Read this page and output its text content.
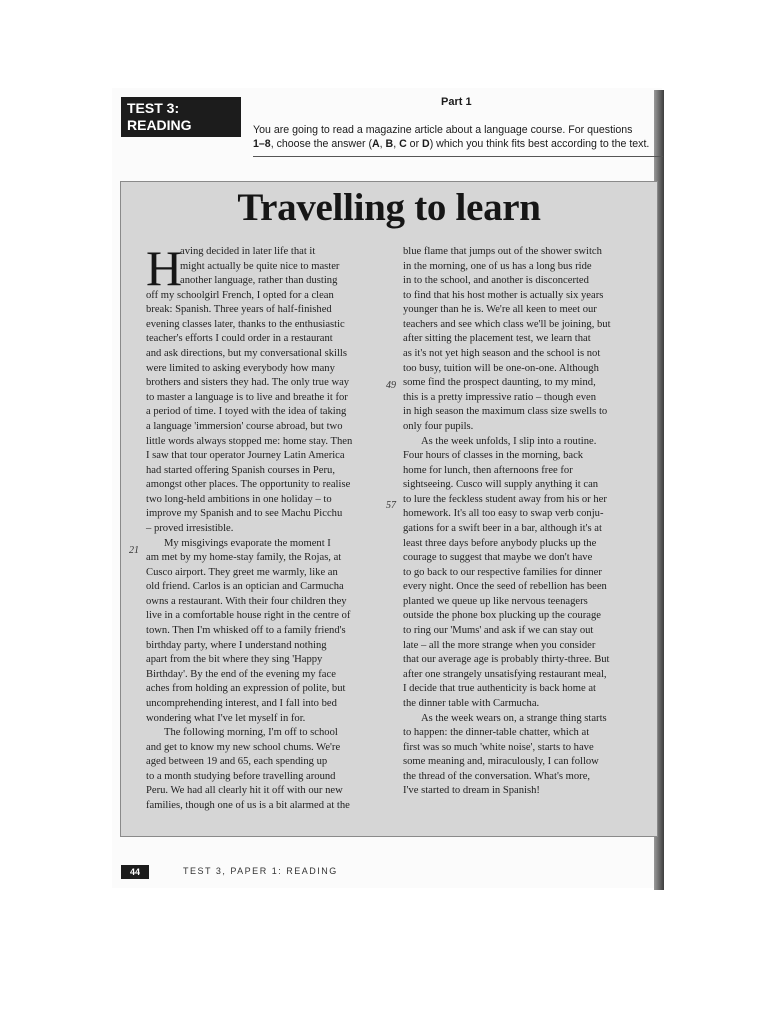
TEST 3:
READING
Part 1
You are going to read a magazine article about a language course. For questions
1–8, choose the answer (A, B, C or D) which you think fits best according to the text.
Travelling to learn
H
aving decided in later life that it
might actually be quite nice to master
another language, rather than dusting
off my schoolgirl French, I opted for a clean
break: Spanish. Three years of half-finished
evening classes later, thanks to the enthusiastic
teacher's efforts I could order in a restaurant
and ask directions, but my conversational skills
were limited to asking everybody how many
brothers and sisters they had. The only true way
to master a language is to live and breathe it for
a period of time. I toyed with the idea of taking
a language 'immersion' course abroad, but two
little words always stopped me: home stay. Then
I saw that tour operator Journey Latin America
had started offering Spanish courses in Peru,
amongst other places. The opportunity to realise
two long-held ambitions in one holiday – to
improve my Spanish and to see Machu Picchu
– proved irresistible.
My misgivings evaporate the moment I
am met by my home-stay family, the Rojas, at
Cusco airport. They greet me warmly, like an
old friend. Carlos is an optician and Carmucha
owns a restaurant. With their four children they
live in a comfortable house right in the centre of
town. Then I'm whisked off to a family friend's
birthday party, where I understand nothing
apart from the bit where they sing 'Happy
Birthday'. By the end of the evening my face
aches from holding an expression of polite, but
uncomprehending interest, and I fall into bed
wondering what I've let myself in for.
The following morning, I'm off to school
and get to know my new school chums. We're
aged between 19 and 65, each spending up
to a month studying before travelling around
Peru. We had all clearly hit it off with our new
families, though one of us is a bit alarmed at the
blue flame that jumps out of the shower switch
in the morning, one of us has a long bus ride
in to the school, and another is disconcerted
to find that his host mother is actually six years
younger than he is. We're all keen to meet our
teachers and see which class we'll be joining, but
after sitting the placement test, we learn that
as it's not yet high season and the school is not
too busy, tuition will be one-on-one. Although
some find the prospect daunting, to my mind,
this is a pretty impressive ratio – though even
in high season the maximum class size swells to
only four pupils.
As the week unfolds, I slip into a routine.
Four hours of classes in the morning, back
home for lunch, then afternoons free for
sightseeing. Cusco will supply anything it can
to lure the feckless student away from his or her
homework. It's all too easy to swap verb conju-
gations for a swift beer in a bar, although it's at
least three days before anybody plucks up the
courage to suggest that maybe we don't have
to go back to our respective families for dinner
every night. Once the seed of rebellion has been
planted we queue up like nervous teenagers
outside the phone box plucking up the courage
to ring our 'Mums' and ask if we can stay out
late – all the more strange when you consider
that our average age is probably thirty-three. But
after one strangely unsatisfying restaurant meal,
I decide that true authenticity is back home at
the dinner table with Carmucha.
As the week wears on, a strange thing starts
to happen: the dinner-table chatter, which at
first was so much 'white noise', starts to have
some meaning and, miraculously, I can follow
the thread of the conversation. What's more,
I've started to dream in Spanish!
21
49
57
44	TEST 3, PAPER 1: READING
